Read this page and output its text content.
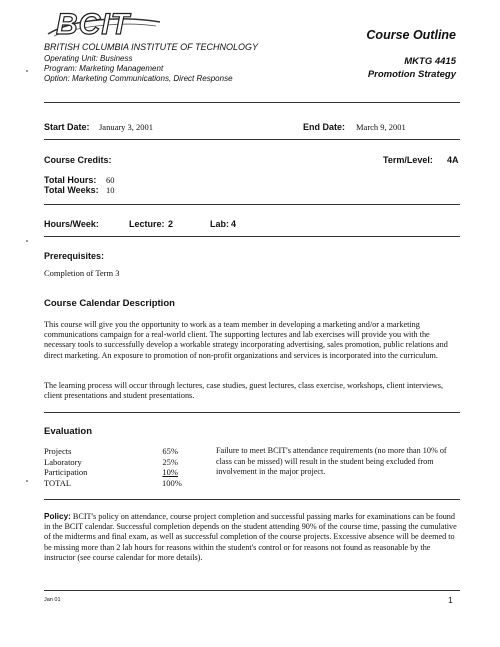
BCIT
BRITISH COLUMBIA INSTITUTE OF TECHNOLOGY
Operating Unit: Business
Program: Marketing Management
Option: Marketing Communications, Direct Response
Course Outline
MKTG 4415
Promotion Strategy
Start Date: January 3, 2001	End Date: March 9, 2001
Course Credits:	Term/Level: 4A
Total Hours: 60
Total Weeks: 10
Hours/Week:	Lecture: 2	Lab: 4
Prerequisites:
Completion of Term 3
Course Calendar Description
This course will give you the opportunity to work as a team member in developing a marketing and/or a marketing communications campaign for a real-world client. The supporting lectures and lab exercises will provide you with the necessary tools to successfully develop a workable strategy incorporating advertising, sales promotion, public relations and direct marketing. An exposure to promotion of non-profit organizations and services is incorporated into the curriculum.
The learning process will occur through lectures, case studies, guest lectures, class exercise, workshops, client interviews, client presentations and student presentations.
Evaluation
Projects	65%
Laboratory	25%
Participation	10%
TOTAL	100%
Failure to meet BCIT's attendance requirements (no more than 10% of class can be missed) will result in the student being excluded from involvement in the major project.
Policy: BCIT's policy on attendance, course project completion and successful passing marks for examinations can be found in the BCIT calendar. Successful completion depends on the student attending 90% of the course time, passing the cumulative of the midterms and final exam, as well as successful completion of the course projects. Excessive absence will be deemed to be missing more than 2 lab hours for reasons within the student's control or for reasons not found as reasonable by the instructor (see course calendar for more details).
Jan 01	1
